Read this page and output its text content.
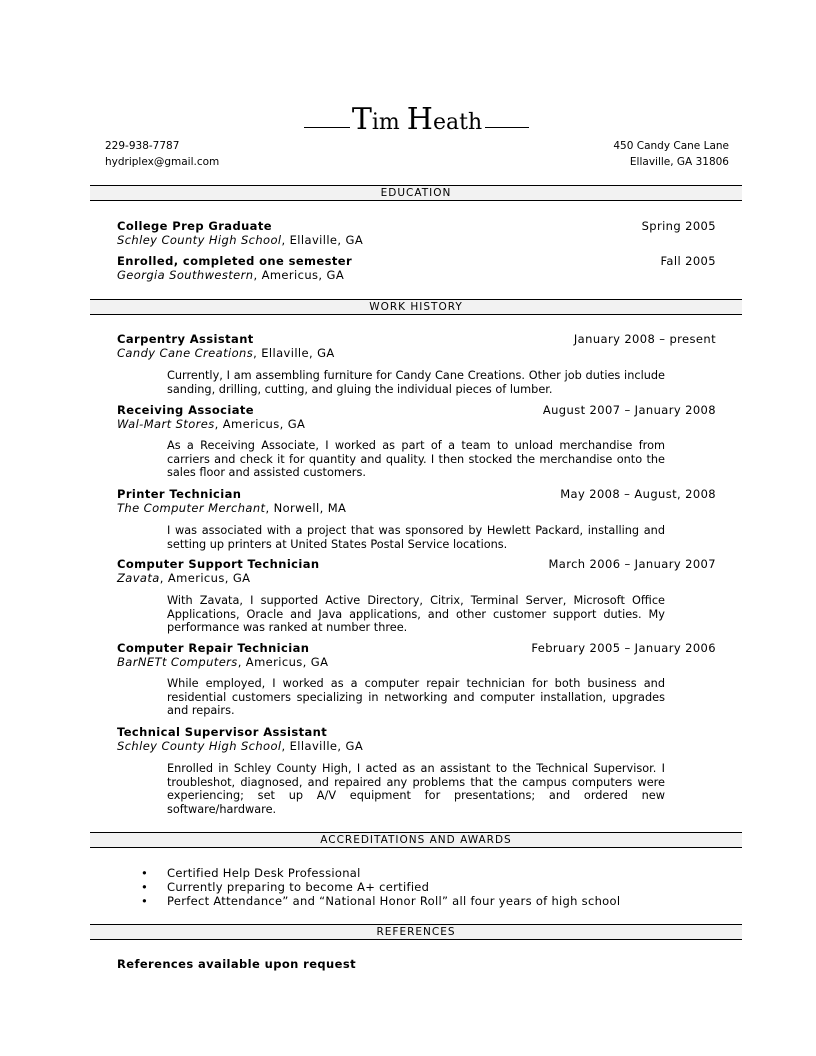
Tim Heath
229-938-7787
hydriplex@gmail.com
450 Candy Cane Lane
Ellaville, GA 31806
EDUCATION
College Prep Graduate	Spring 2005
Schley County High School, Ellaville, GA
Enrolled, completed one semester	Fall 2005
Georgia Southwestern, Americus, GA
WORK HISTORY
Carpentry Assistant	January 2008 – present
Candy Cane Creations, Ellaville, GA
Currently, I am assembling furniture for Candy Cane Creations. Other job duties include sanding, drilling, cutting, and gluing the individual pieces of lumber.
Receiving Associate	August 2007 – January 2008
Wal-Mart Stores, Americus, GA
As a Receiving Associate, I worked as part of a team to unload merchandise from carriers and check it for quantity and quality. I then stocked the merchandise onto the sales floor and assisted customers.
Printer Technician	May 2008 – August, 2008
The Computer Merchant, Norwell, MA
I was associated with a project that was sponsored by Hewlett Packard, installing and setting up printers at United States Postal Service locations.
Computer Support Technician	March 2006 – January 2007
Zavata, Americus, GA
With Zavata, I supported Active Directory, Citrix, Terminal Server, Microsoft Office Applications, Oracle and Java applications, and other customer support duties. My performance was ranked at number three.
Computer Repair Technician	February 2005 – January 2006
BarNETt Computers, Americus, GA
While employed, I worked as a computer repair technician for both business and residential customers specializing in networking and computer installation, upgrades and repairs.
Technical Supervisor Assistant
Schley County High School, Ellaville, GA
Enrolled in Schley County High, I acted as an assistant to the Technical Supervisor. I troubleshot, diagnosed, and repaired any problems that the campus computers were experiencing; set up A/V equipment for presentations; and ordered new software/hardware.
ACCREDITATIONS AND AWARDS
• Certified Help Desk Professional
• Currently preparing to become A+ certified
• Perfect Attendance” and “National Honor Roll” all four years of high school
REFERENCES
References available upon request
